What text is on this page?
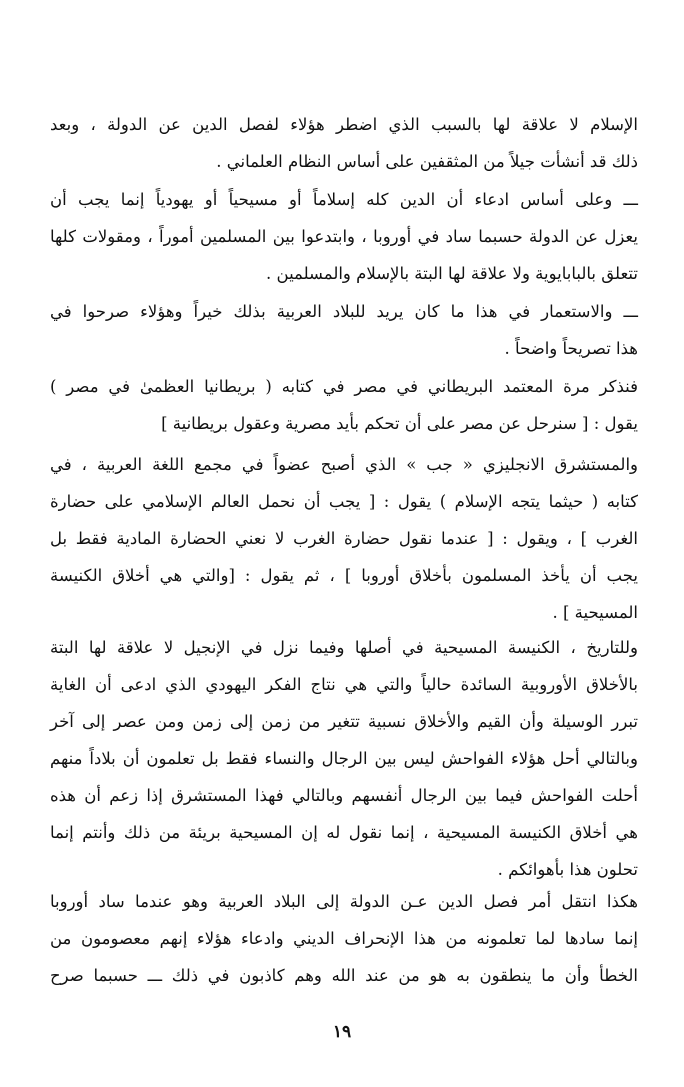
الإسلام لا علاقة لها بالسبب الذي اضطر هؤلاء لفصل الدين عن الدولة ، وبعد
ذلك قد أنشأت جيلاً من المثقفين على أساس النظام العلماني .
ـــ وعلى أساس ادعاء أن الدين كله إسلاماً أو مسيحياً أو يهودياً إنما يجب أن
يعزل عن الدولة حسبما ساد في أوروبا ، وابتدعوا بين المسلمين أموراً ، ومقولات كلها
تتعلق بالبابايوية ولا علاقة لها البتة بالإسلام والمسلمين .
ـــ والاستعمار في هذا ما كان يريد للبلاد العربية بذلك خيراً وهؤلاء صرحوا في
هذا تصريحاً واضحاً .
فنذكر مرة المعتمد البريطاني في مصر في كتابه ( بريطانيا العظمىٰ في مصر )
يقول : [ سنرحل عن مصر على أن تحكم بأيد مصرية وعقول بريطانية ]
والمستشرق الانجليزي « جب » الذي أصبح عضواً في مجمع اللغة العربية ، في
كتابه ( حيثما يتجه الإسلام ) يقول : [ يجب أن نحمل العالم الإسلامي على حضارة
الغرب ] ، ويقول : [ عندما نقول حضارة الغرب لا نعني الحضارة المادية فقط بل
يجب أن يأخذ المسلمون بأخلاق أوروبا ] ، ثم يقول : [والتي هي أخلاق الكنيسة
المسيحية ] .
وللتاريخ ، الكنيسة المسيحية في أصلها وفيما نزل في الإنجيل لا علاقة لها البتة
بالأخلاق الأوروبية السائدة حالياً والتي هي نتاج الفكر اليهودي الذي ادعى أن الغاية
تبرر الوسيلة وأن القيم والأخلاق نسبية تتغير من زمن إلى زمن ومن عصر إلى آخر
وبالتالي أحل هؤلاء الفواحش ليس بين الرجال والنساء فقط بل تعلمون أن بلاداً منهم
أحلت الفواحش فيما بين الرجال أنفسهم وبالتالي فهذا المستشرق إذا زعم أن هذه
هي أخلاق الكنيسة المسيحية ، إنما نقول له إن المسيحية بريئة من ذلك وأنتم إنما
تحلون هذا بأهوائكم .
هكذا انتقل أمر فصل الدين عـن الدولة إلى البلاد العربية وهو عندما ساد أوروبا
إنما سادها لما تعلمونه من هذا الإنحراف الديني وادعاء هؤلاء إنهم معصومون من
الخطأ وأن ما ينطقون به هو من عند الله وهم كاذبون في ذلك ـــ حسبما صرح
١٩
